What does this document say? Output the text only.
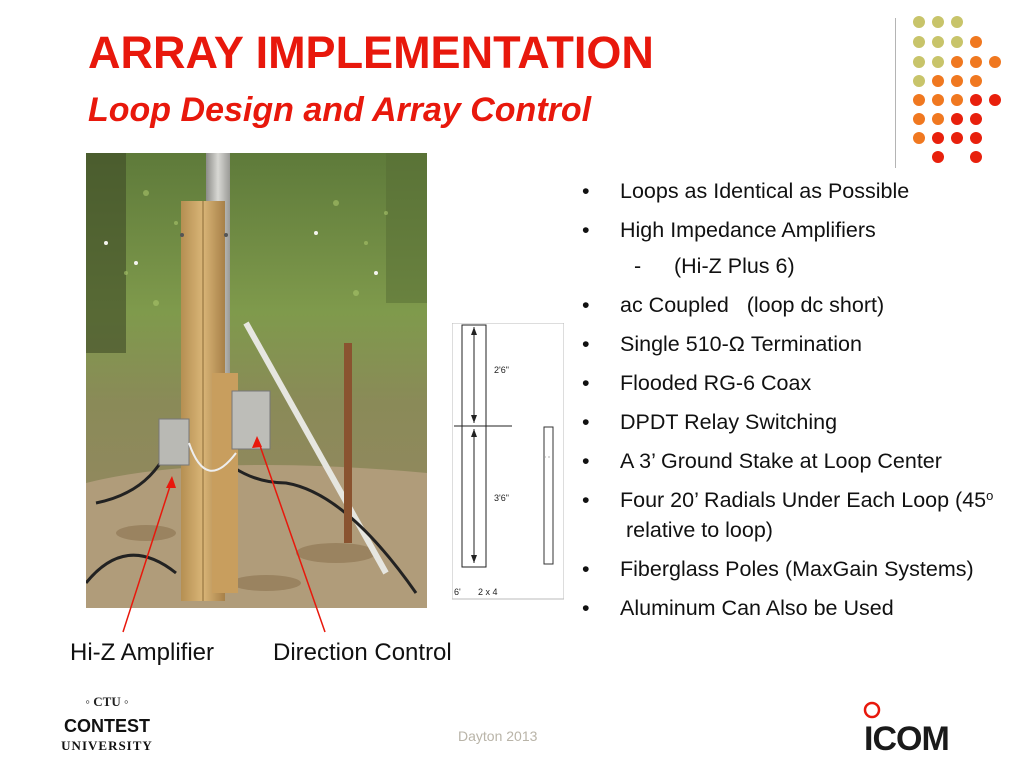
ARRAY IMPLEMENTATION
Loop Design and Array Control
2'6"
3'6"
6' 2 x 4
Hi-Z Amplifier Direction Control
• Loops as Identical as Possible
• High Impedance Amplifiers
- (Hi-Z Plus 6)
• ac Coupled   (loop dc short)
• Single 510-Ω Termination
• Flooded RG-6 Coax
• DPDT Relay Switching
• A 3’ Ground Stake at Loop Center
• Four 20’ Radials Under Each Loop (45$^o$ relative to loop)
• Fiberglass Poles (MaxGain Systems)
• Aluminum Can Also be Used
Dayton 2013
◦ CTU ◦
CONTEST
UNIVERSITY	ICOM
